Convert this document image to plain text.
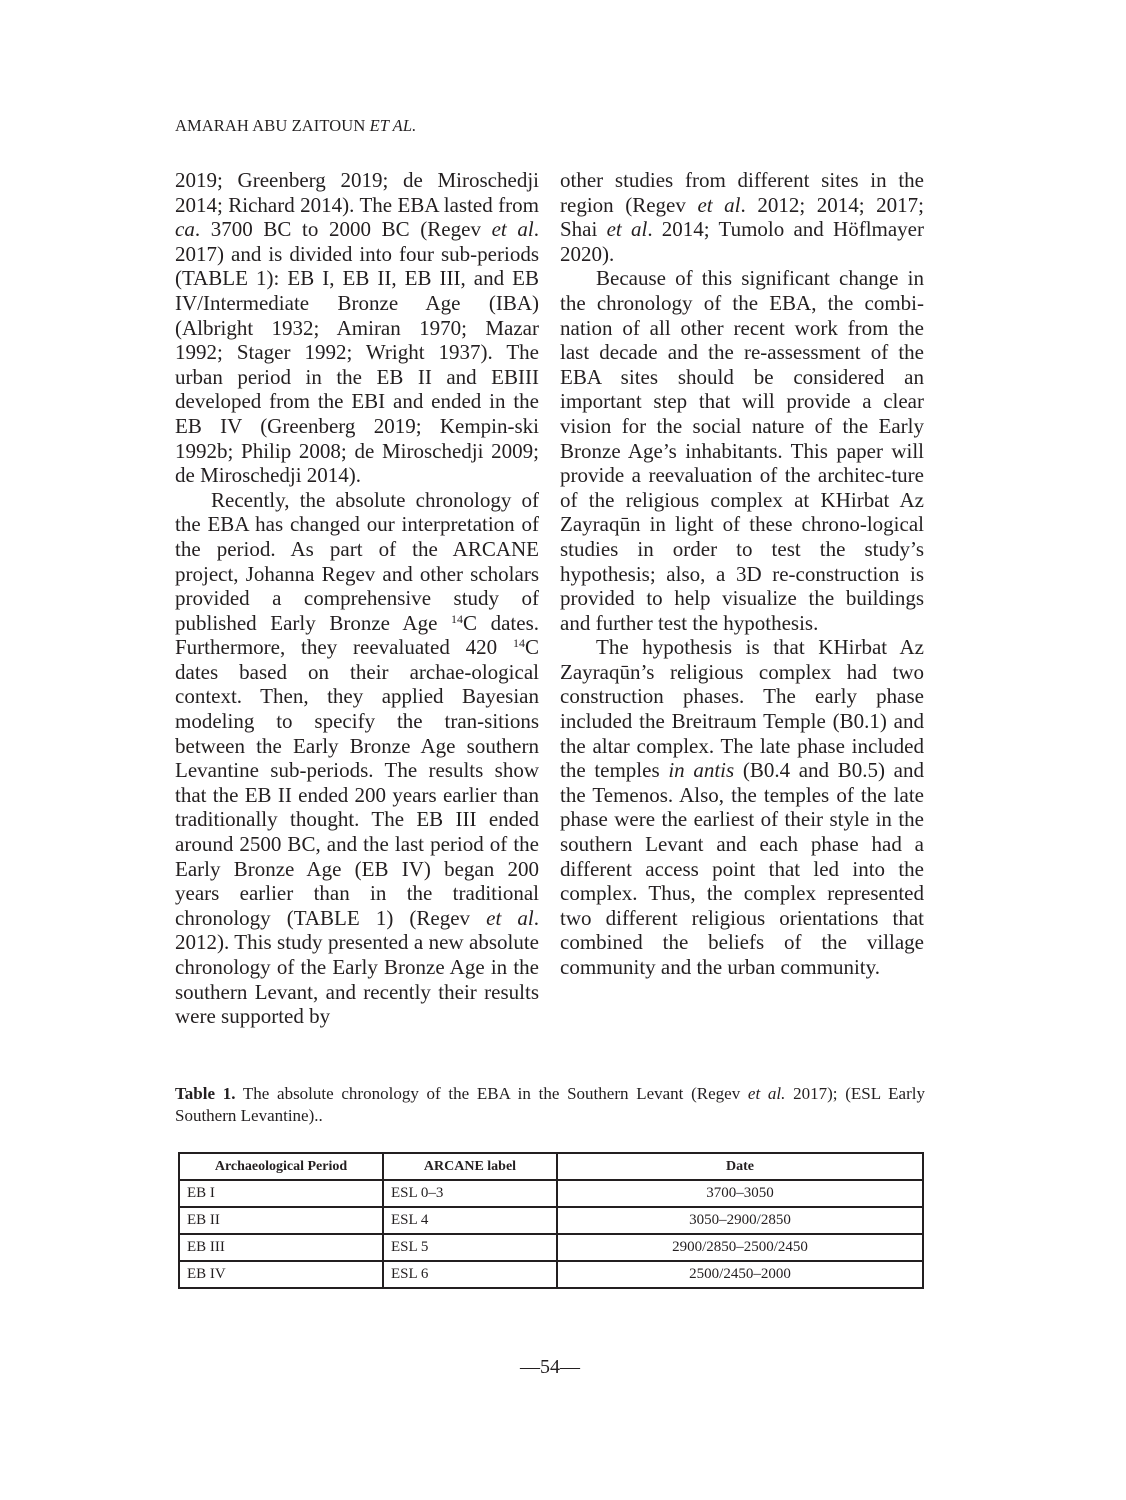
AMARAH ABU ZAITOUN ET AL.

2019; Greenberg 2019; de Miroschedji 2014; Richard 2014). The EBA lasted from ca. 3700 BC to 2000 BC (Regev et al. 2017) and is divided into four sub-periods (TABLE 1): EB I, EB II, EB III, and EB IV/Intermediate Bronze Age (IBA) (Albright 1932; Amiran 1970; Mazar 1992; Stager 1992; Wright 1937). The urban period in the EB II and EBIII developed from the EBI and ended in the EB IV (Greenberg 2019; Kempin-ski 1992b; Philip 2008; de Miroschedji 2009; de Miroschedji 2014).

Recently, the absolute chronology of the EBA has changed our interpretation of the period. As part of the ARCANE project, Johanna Regev and other scholars provided a comprehensive study of published Early Bronze Age $^{14}$C dates. Furthermore, they reevaluated 420 $^{14}$C dates based on their archae-ological context. Then, they applied Bayesian modeling to specify the tran-sitions between the Early Bronze Age southern Levantine sub-periods. The results show that the EB II ended 200 years earlier than traditionally thought. The EB III ended around 2500 BC, and the last period of the Early Bronze Age (EB IV) began 200 years earlier than in the traditional chronology (TABLE 1) (Regev et al. 2012). This study presented a new absolute chronology of the Early Bronze Age in the southern Levant, and recently their results were supported by

other studies from different sites in the region (Regev et al. 2012; 2014; 2017; Shai et al. 2014; Tumolo and Höflmayer 2020).

Because of this significant change in the chronology of the EBA, the combi-nation of all other recent work from the last decade and the re-assessment of the EBA sites should be considered an important step that will provide a clear vision for the social nature of the Early Bronze Age’s inhabitants. This paper will provide a reevaluation of the architec-ture of the religious complex at KHirbat Az Zayraqūn in light of these chrono-logical studies in order to test the study’s hypothesis; also, a 3D re-construction is provided to help visualize the buildings and further test the hypothesis.

The hypothesis is that KHirbat Az Zayraqūn’s religious complex had two construction phases. The early phase included the Breitraum Temple (B0.1) and the altar complex. The late phase included the temples in antis (B0.4 and B0.5) and the Temenos. Also, the temples of the late phase were the earliest of their style in the southern Levant and each phase had a different access point that led into the complex. Thus, the complex represented two different religious orientations that combined the beliefs of the village community and the urban community.

Table 1. The absolute chronology of the EBA in the Southern Levant (Regev et al. 2017); (ESL Early Southern Levantine)..
Archaeological Period	ARCANE label	Date
EB I	ESL 0–3	3700–3050
EB II	ESL 4	3050–2900/2850
EB III	ESL 5	2900/2850–2500/2450
EB IV	ESL 6	2500/2450–2000
—54—
